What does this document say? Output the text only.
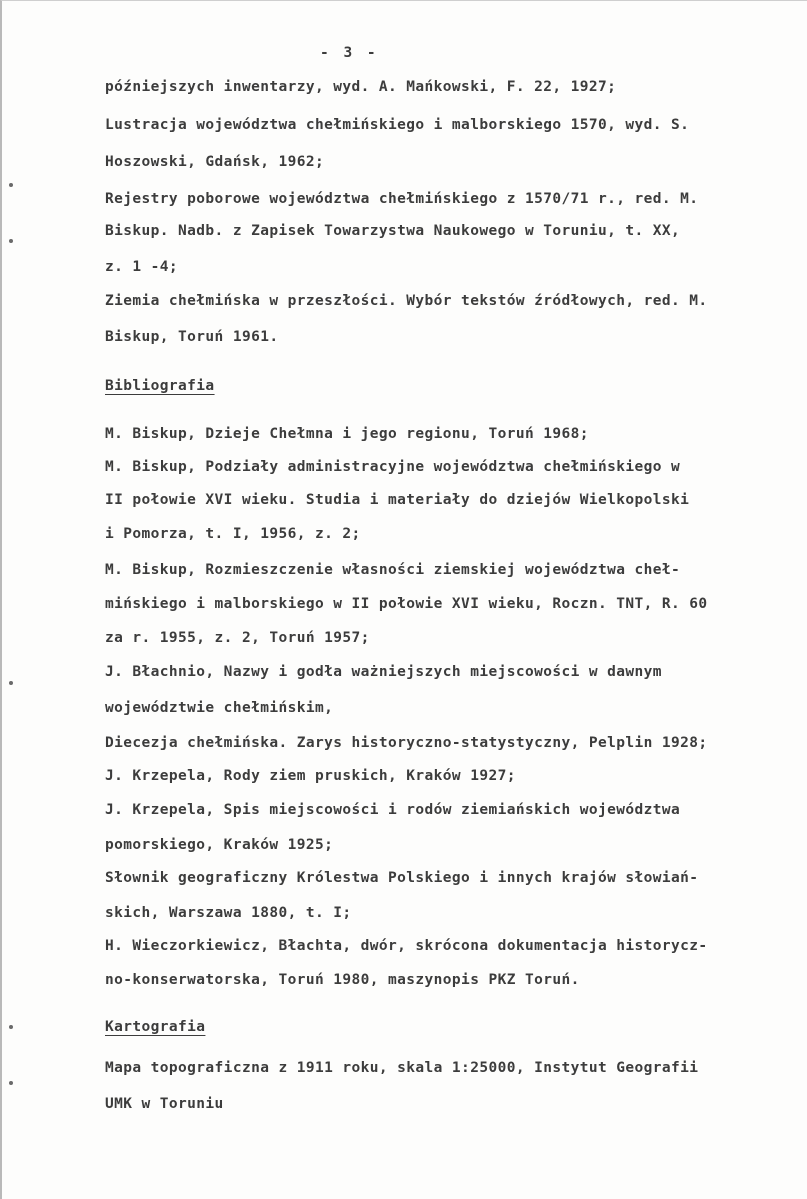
- 3 -
późniejszych inwentarzy, wyd. A. Mańkowski, F. 22, 1927;
Lustracja województwa chełmińskiego i malborskiego 1570, wyd. S.
Hoszowski, Gdańsk, 1962;
Rejestry poborowe województwa chełmińskiego z 1570/71 r., red. M.
Biskup. Nadb. z Zapisek Towarzystwa Naukowego w Toruniu, t. XX,
z. 1 -4;
Ziemia chełmińska w przeszłości. Wybór tekstów źródłowych, red. M.
Biskup, Toruń 1961.
Bibliografia
M. Biskup, Dzieje Chełmna i jego regionu, Toruń 1968;
M. Biskup, Podziały administracyjne województwa chełmińskiego w
II połowie XVI wieku. Studia i materiały do dziejów Wielkopolski
i Pomorza, t. I, 1956, z. 2;
M. Biskup, Rozmieszczenie własności ziemskiej województwa cheł-
mińskiego i malborskiego w II połowie XVI wieku, Roczn. TNT, R. 60
za r. 1955, z. 2, Toruń 1957;
J. Błachnio, Nazwy i godła ważniejszych miejscowości w dawnym
województwie chełmińskim,
Diecezja chełmińska. Zarys historyczno-statystyczny, Pelplin 1928;
J. Krzepela, Rody ziem pruskich, Kraków 1927;
J. Krzepela, Spis miejscowości i rodów ziemiańskich województwa
pomorskiego, Kraków 1925;
Słownik geograficzny Królestwa Polskiego i innych krajów słowiań-
skich, Warszawa 1880, t. I;
H. Wieczorkiewicz, Błachta, dwór, skrócona dokumentacja historycz-
no-konserwatorska, Toruń 1980, maszynopis PKZ Toruń.
Kartografia
Mapa topograficzna z 1911 roku, skala 1:25000, Instytut Geografii
UMK w Toruniu
